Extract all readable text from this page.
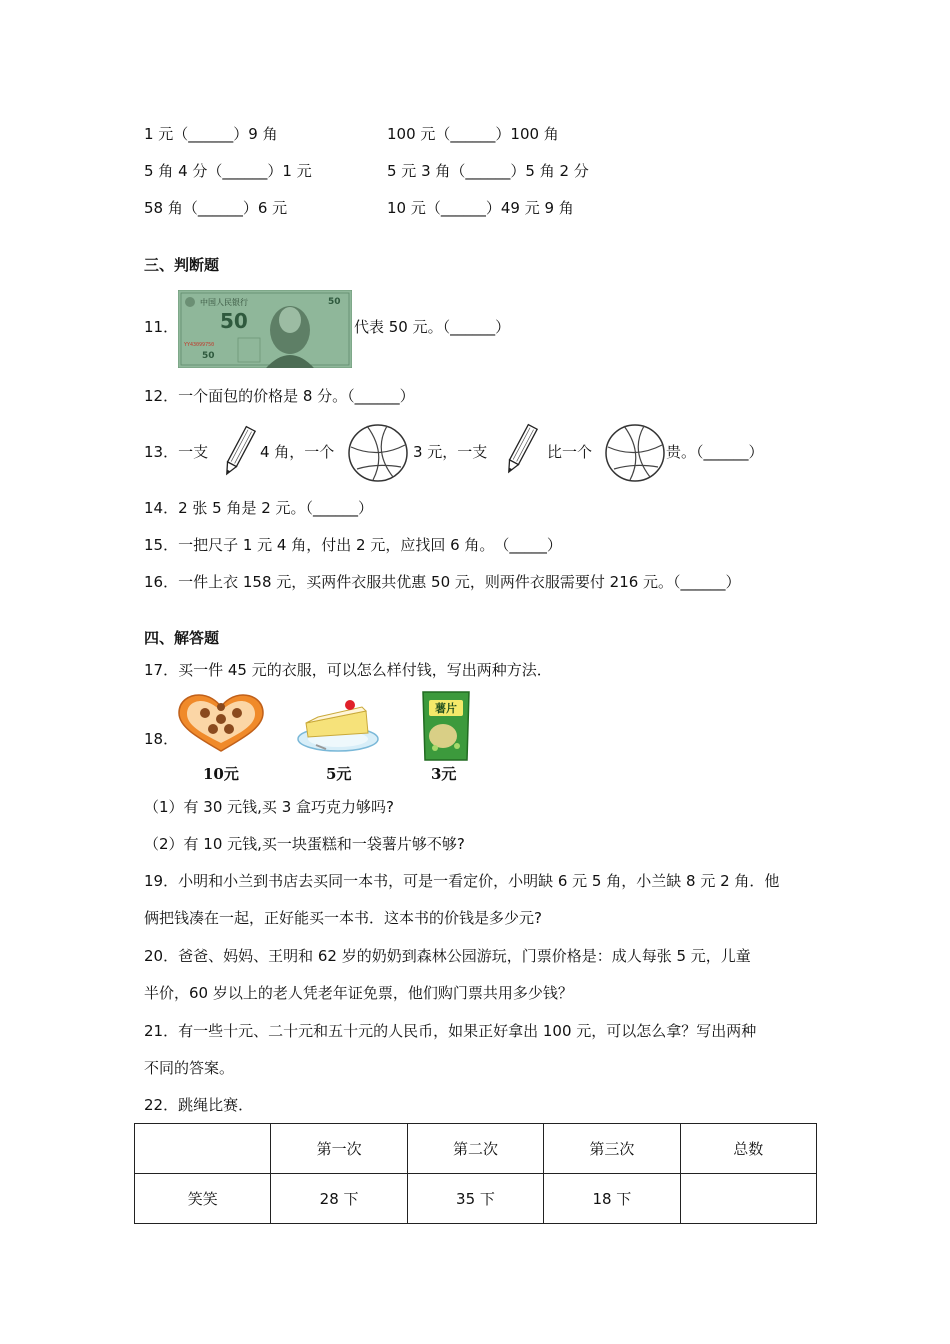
1 元（______）9 角	100 元（______）100 角
5 角 4 分（______）1 元	5 元 3 角（______）5 角 2 分
58 角（______）6 元	10 元（______）49 元 9 角
三、判断题
11．
中国人民银行
50
50
YY43099750
50
代表 50 元。（______）
12．一个面包的价格是 8 分。（______）
13．一支	4 角，一个	3 元，一支	比一个	贵。（______）
14．2 张 5 角是 2 元。（______）
15．一把尺子 1 元 4 角，付出 2 元，应找回 6 角。　（_____）
16．一件上衣 158 元，买两件衣服共优惠 50 元，则两件衣服需要付 216 元。（______）
四、解答题
17．买一件 45 元的衣服，可以怎么样付钱，写出两种方法．
18．
10元	5元
薯片
3元
（1）有 30 元钱,买 3 盒巧克力够吗?
（2）有 10 元钱,买一块蛋糕和一袋薯片够不够?
19．小明和小兰到书店去买同一本书，可是一看定价，小明缺 6 元 5 角，小兰缺 8 元 2 角．他
俩把钱凑在一起，正好能买一本书．这本书的价钱是多少元?
20．爸爸、妈妈、王明和 62 岁的奶奶到森林公园游玩，门票价格是：成人每张 5 元，儿童
半价，60 岁以上的老人凭老年证免票，他们购门票共用多少钱？
21．有一些十元、二十元和五十元的人民币，如果正好拿出 100 元，可以怎么拿？写出两种
不同的答案。
22．跳绳比赛．
	第一次	第二次	第三次	总数
笑笑	28 下	35 下	18 下	
